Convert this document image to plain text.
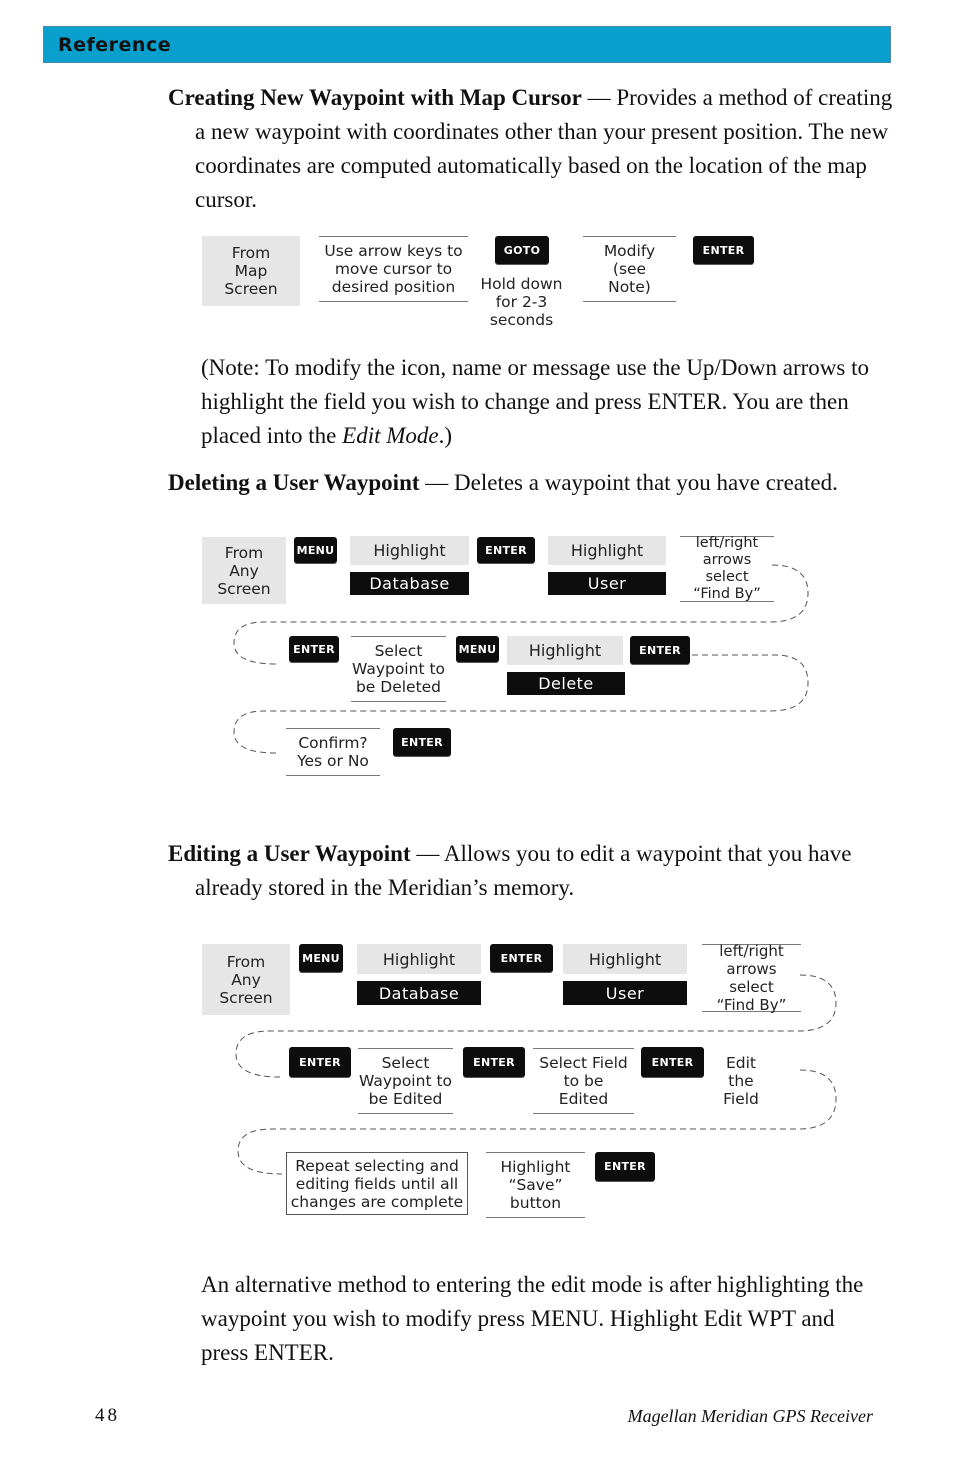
Reference
Creating New Waypoint with Map Cursor — Provides a method of creating a new waypoint with coordinates other than your present position. The new coordinates are computed automatically based on the location of the map cursor.
From
Map
Screen
Use arrow keys to
move cursor to
desired position
GOTO
Hold down
for 2-3
seconds
Modify
(see
Note)
ENTER
(Note: To modify the icon, name or message use the Up/Down arrows to highlight the field you wish to change and press ENTER. You are then placed into the Edit Mode.)
Deleting a User Waypoint — Deletes a waypoint that you have created.
From
Any
Screen
MENU	Highlight
Database
ENTER	Highlight
User
left/right
arrows select
“Find By”
ENTER	Select
Waypoint to
be Deleted
MENU	Highlight
Delete
ENTER
Confirm?
Yes or No
ENTER
Editing a User Waypoint — Allows you to edit a waypoint that you have already stored in the Meridian’s memory.
From
Any
Screen
MENU	Highlight
Database
ENTER	Highlight
User
left/right
arrows select
“Find By”
ENTER	Select
Waypoint to
be Edited
ENTER	Select Field
to be
Edited
ENTER	Edit
the
Field
Repeat selecting and
editing fields until all
changes are complete
Highlight
“Save”
button
ENTER
An alternative method to entering the edit mode is after highlighting the waypoint you wish to modify press MENU. Highlight Edit WPT and press ENTER.
48	Magellan Meridian GPS Receiver
